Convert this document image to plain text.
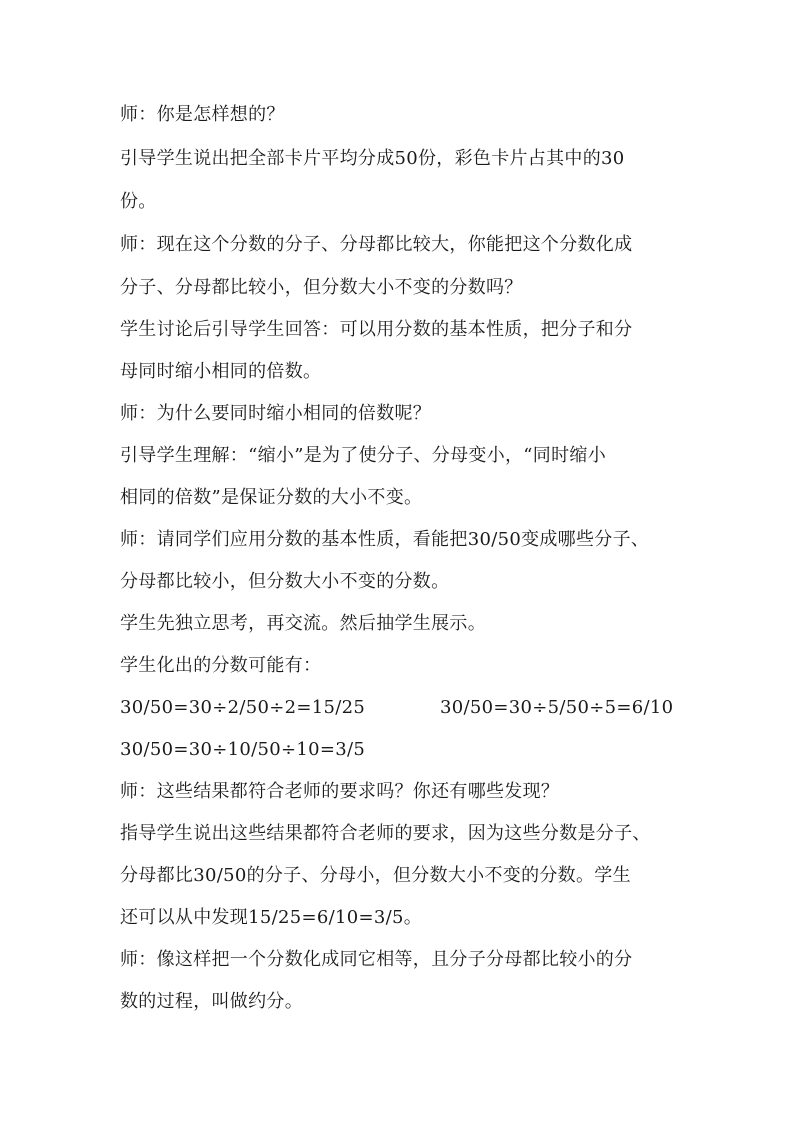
师：你是怎样想的？
引导学生说出把全部卡片平均分成50份，彩色卡片占其中的30
份。
师：现在这个分数的分子、分母都比较大，你能把这个分数化成
分子、分母都比较小，但分数大小不变的分数吗？
学生讨论后引导学生回答：可以用分数的基本性质，把分子和分
母同时缩小相同的倍数。
师：为什么要同时缩小相同的倍数呢？
引导学生理解：“缩小”是为了使分子、分母变小，“同时缩小
相同的倍数”是保证分数的大小不变。
师：请同学们应用分数的基本性质，看能把30/50变成哪些分子、
分母都比较小，但分数大小不变的分数。
学生先独立思考，再交流。然后抽学生展示。
学生化出的分数可能有：
30/50=30÷2/50÷2=15/25	30/50=30÷5/50÷5=6/10
30/50=30÷10/50÷10=3/5
师：这些结果都符合老师的要求吗？你还有哪些发现？
指导学生说出这些结果都符合老师的要求，因为这些分数是分子、
分母都比30/50的分子、分母小，但分数大小不变的分数。学生
还可以从中发现15/25=6/10=3/5。
师：像这样把一个分数化成同它相等，且分子分母都比较小的分
数的过程，叫做约分。
